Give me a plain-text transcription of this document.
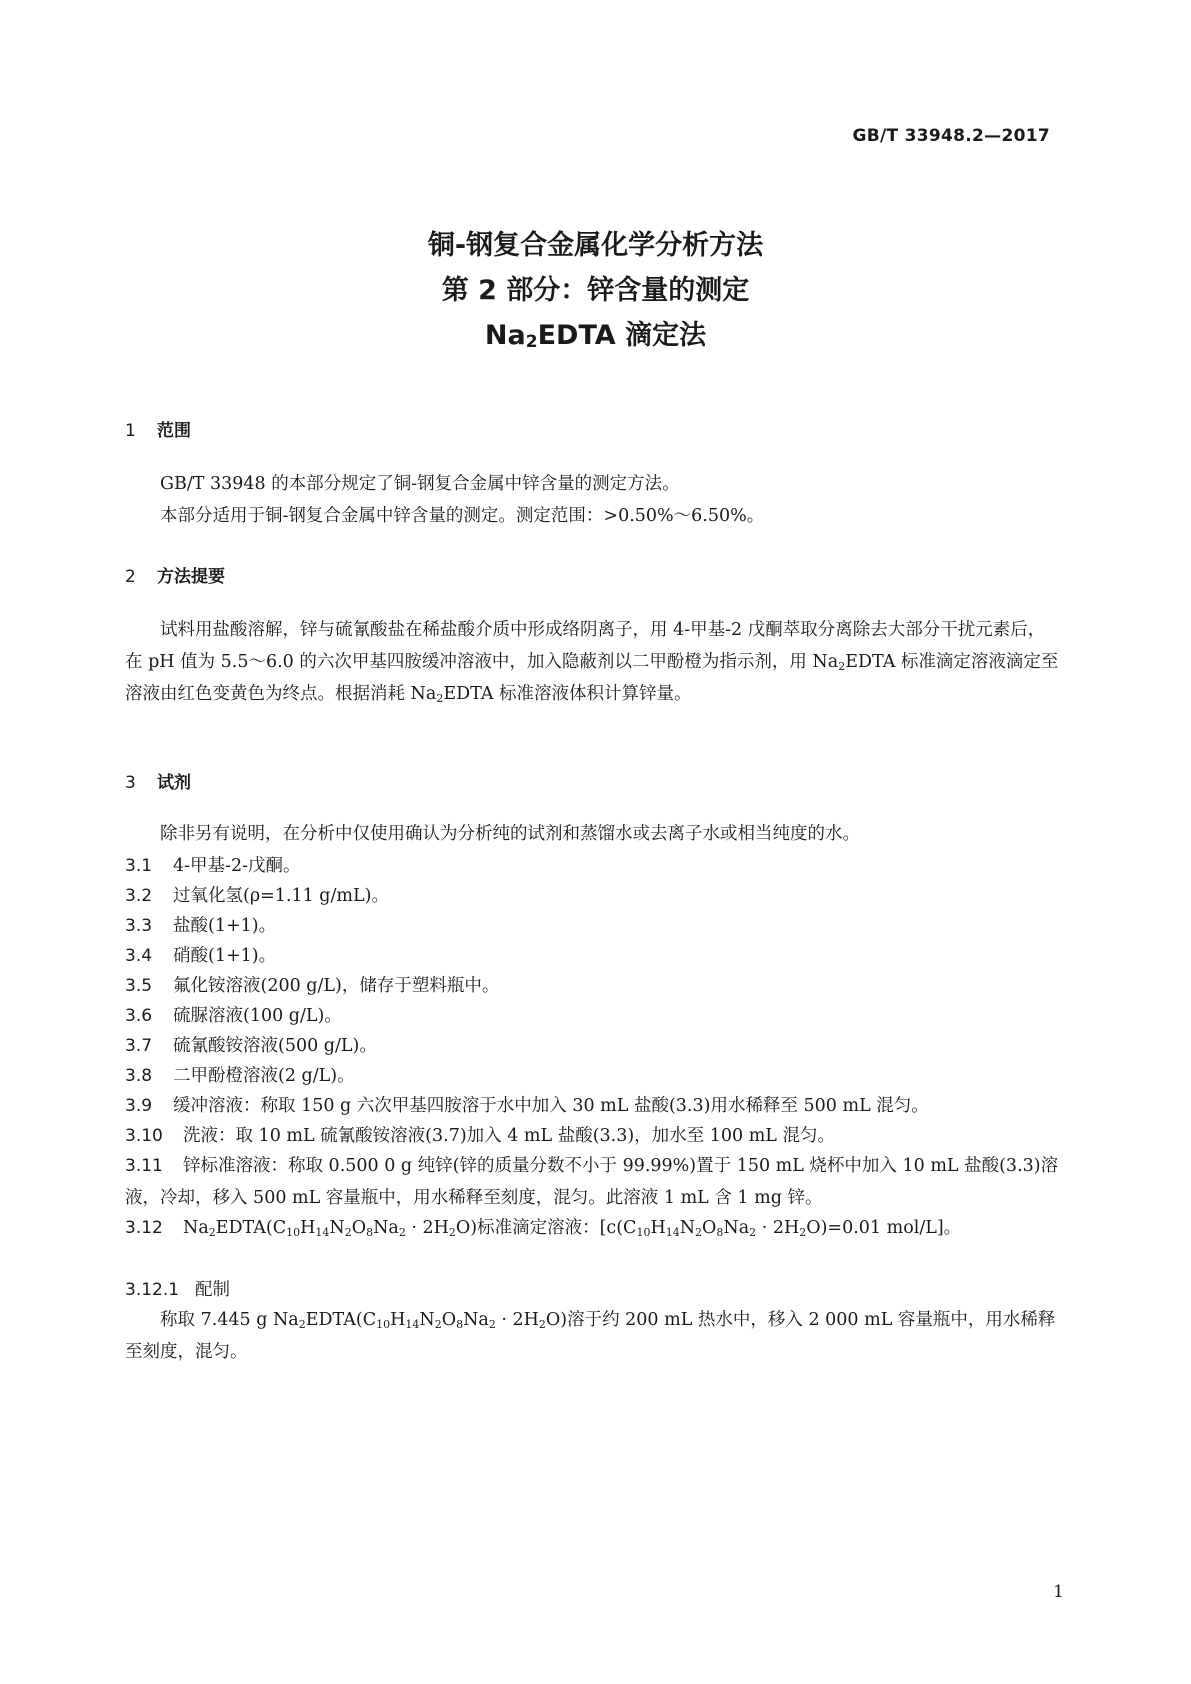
GB/T 33948.2—2017
铜-钢复合金属化学分析方法
第 2 部分：锌含量的测定
$Na_2EDTA$ 滴定法
1 范围

GB/T 33948 的本部分规定了铜-钢复合金属中锌含量的测定方法。

本部分适用于铜-钢复合金属中锌含量的测定。测定范围：>0.50%～6.50%。

2 方法提要

试料用盐酸溶解，锌与硫氰酸盐在稀盐酸介质中形成络阴离子，用 4-甲基-2 戊酮萃取分离除去大部分干扰元素后，在 pH 值为 5.5～6.0 的六次甲基四胺缓冲溶液中，加入隐蔽剂以二甲酚橙为指示剂，用 $Na_2EDTA$ 标准滴定溶液滴定至溶液由红色变黄色为终点。根据消耗 $Na_2EDTA$ 标准溶液体积计算锌量。

3 试剂

除非另有说明，在分析中仅使用确认为分析纯的试剂和蒸馏水或去离子水或相当纯度的水。

3.1 4-甲基-2-戊酮。
3.2 过氧化氢(ρ=1.11 g/mL)。
3.3 盐酸(1+1)。
3.4 硝酸(1+1)。
3.5 氟化铵溶液(200 g/L)，储存于塑料瓶中。
3.6 硫脲溶液(100 g/L)。
3.7 硫氰酸铵溶液(500 g/L)。
3.8 二甲酚橙溶液(2 g/L)。
3.9 缓冲溶液：称取 150 g 六次甲基四胺溶于水中加入 30 mL 盐酸(3.3)用水稀释至 500 mL 混匀。
3.10 洗液：取 10 mL 硫氰酸铵溶液(3.7)加入 4 mL 盐酸(3.3)，加水至 100 mL 混匀。
3.11 锌标准溶液：称取 0.500 0 g 纯锌(锌的质量分数不小于 99.99%)置于 150 mL 烧杯中加入 10 mL 盐酸(3.3)溶液，冷却，移入 500 mL 容量瓶中，用水稀释至刻度，混匀。此溶液 1 mL 含 1 mg 锌。
3.12 $Na_2EDTA(C_{10}H_{14}N_2O_8Na_2 \cdot 2H_2O)$标准滴定溶液：[$c(C_{10}H_{14}N_2O_8Na_2 \cdot 2H_2O)=0.01$ mol/L]。
3.12.1 配制

称取 7.445 g $Na_2EDTA(C_{10}H_{14}N_2O_8Na_2 \cdot 2H_2O)$溶于约 200 mL 热水中，移入 2 000 mL 容量瓶中，用水稀释至刻度，混匀。

1
